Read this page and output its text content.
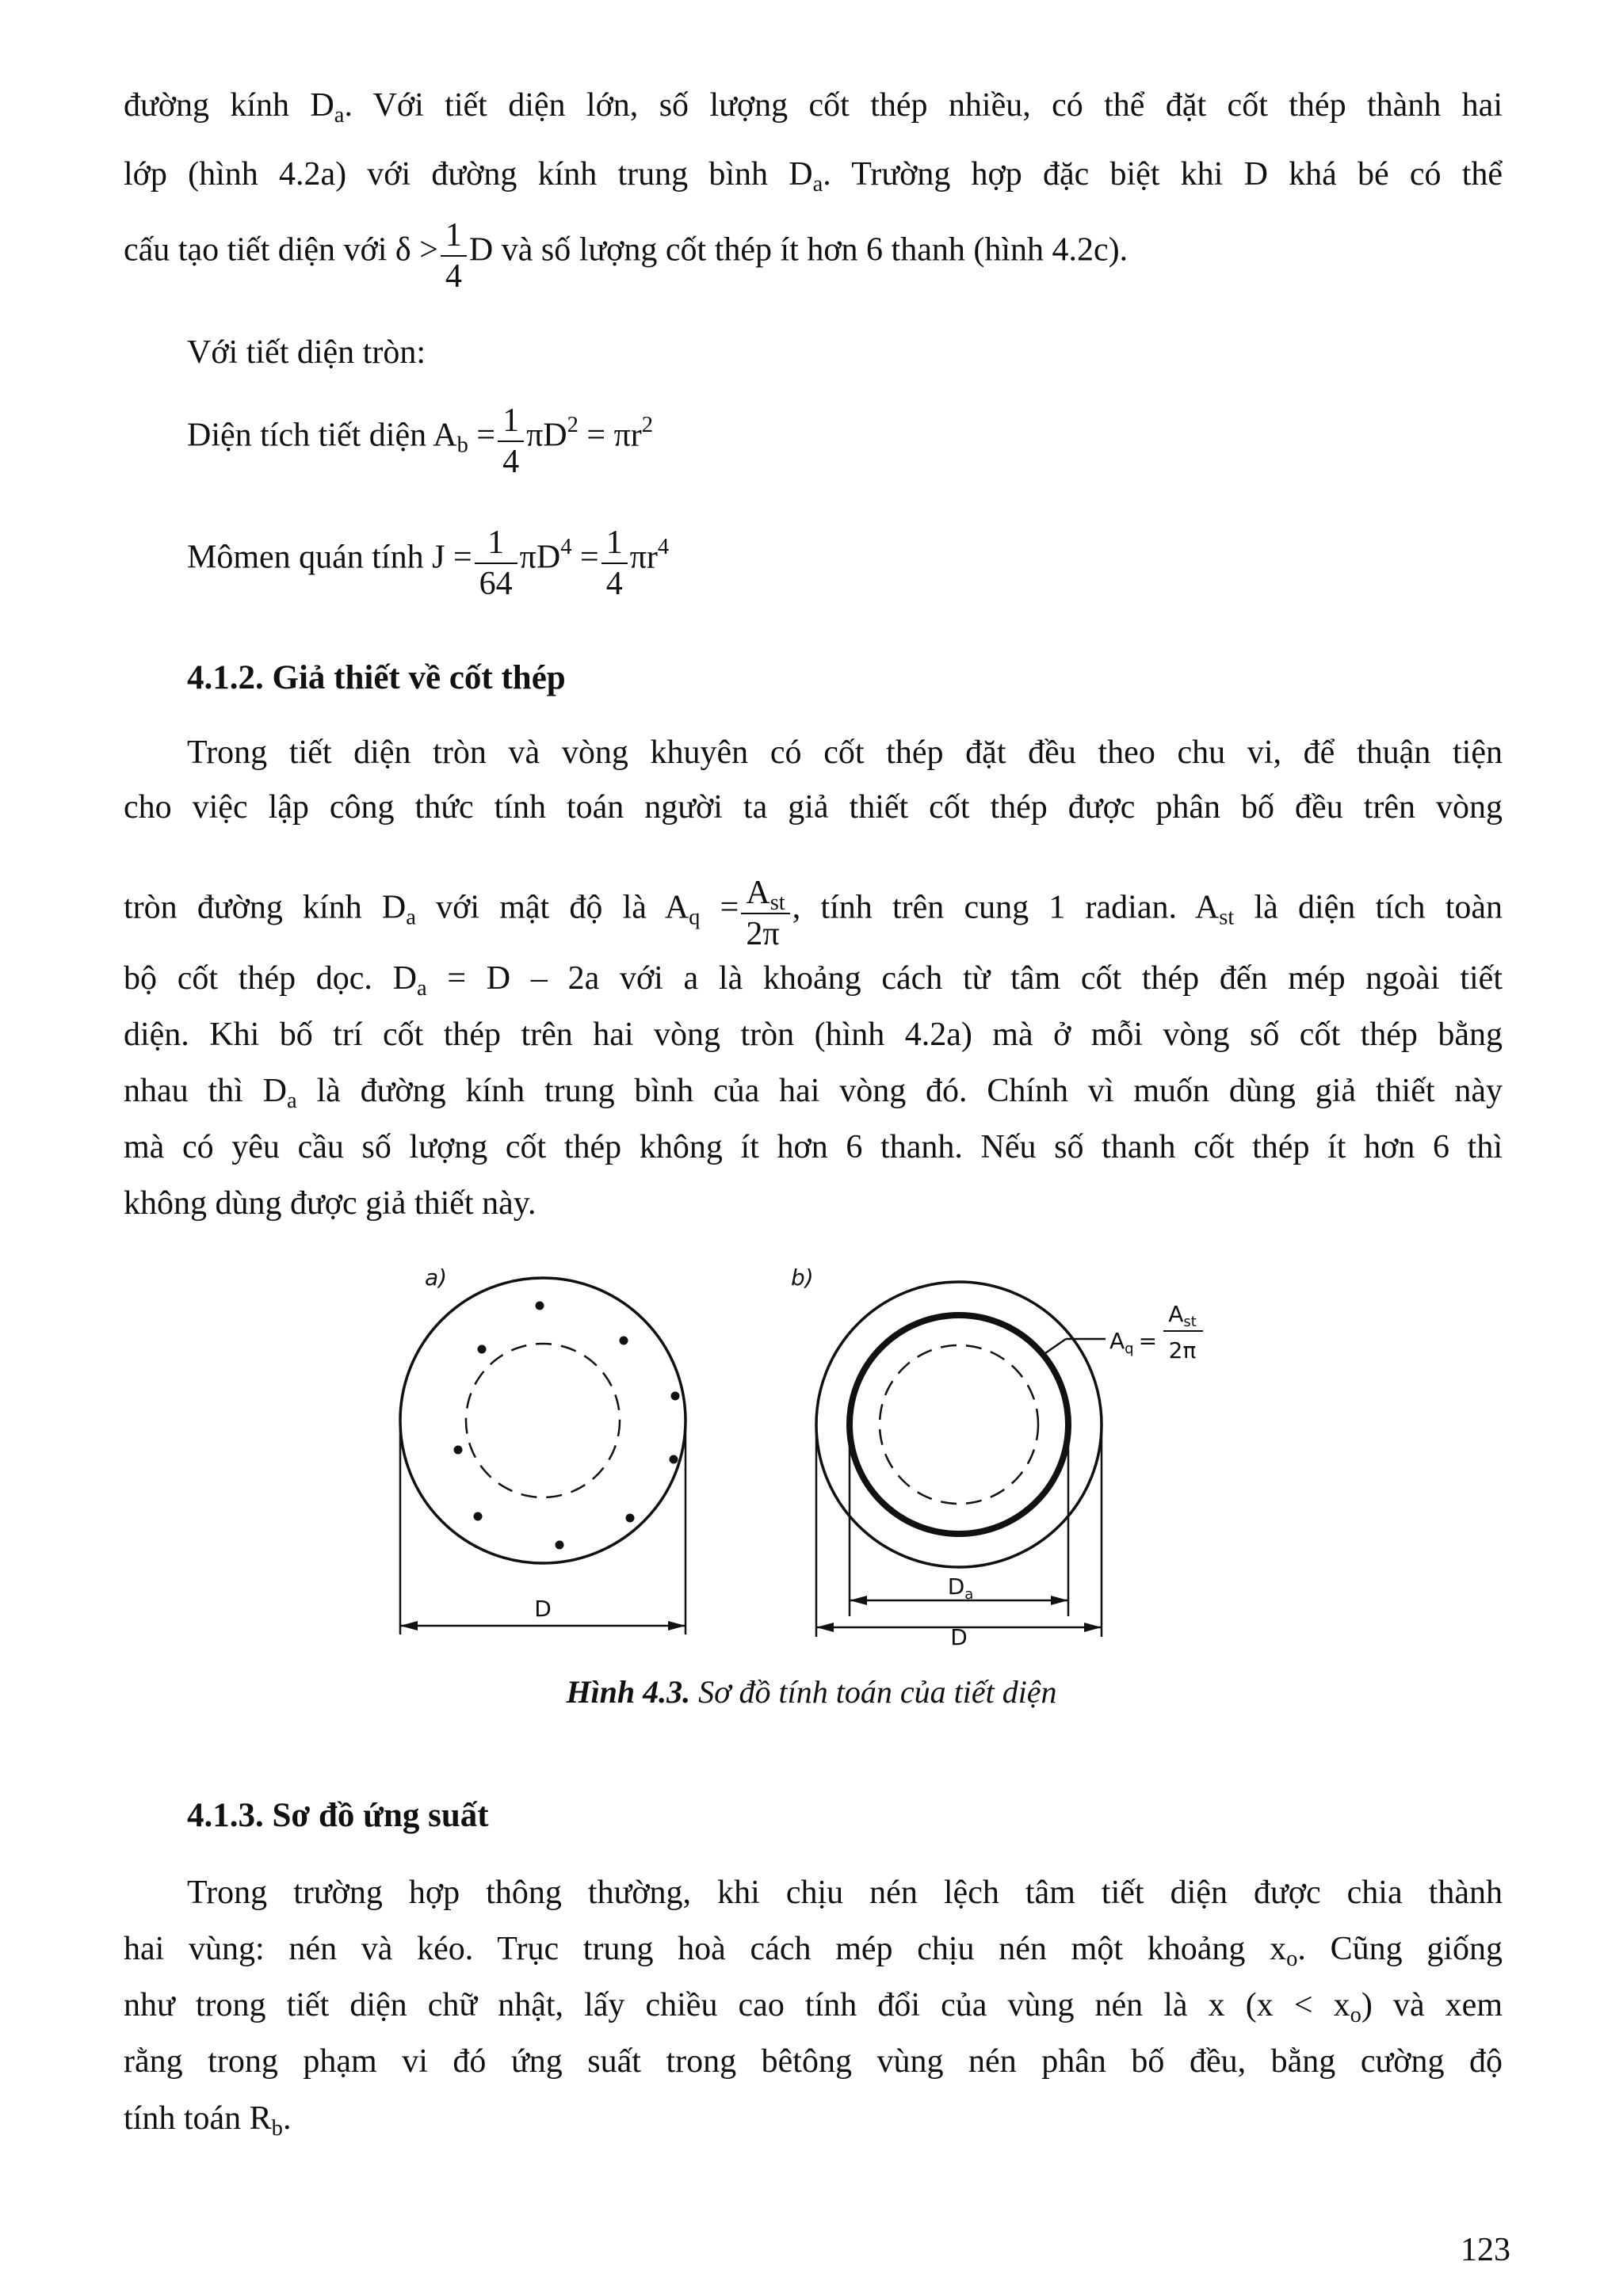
đường kính $D_a$. Với tiết diện lớn, số lượng cốt thép nhiều, có thể đặt cốt thép thành hai
lớp (hình 4.2a) với đường kính trung bình $D_a$. Trường hợp đặc biệt khi D khá bé có thể
cấu tạo tiết diện với $\delta > \frac{1}{4}$ D và số lượng cốt thép ít hơn 6 thanh (hình 4.2c).
Với tiết diện tròn:
Diện tích tiết diện $A_b = \frac{1}{4} \pi D^2 = \pi r^2$
Mômen quán tính $J = \frac{1}{64} \pi D^4 = \frac{1}{4} \pi r^4$
4.1.2. Giả thiết về cốt thép
Trong tiết diện tròn và vòng khuyên có cốt thép đặt đều theo chu vi, để thuận tiện
cho việc lập công thức tính toán người ta giả thiết cốt thép được phân bố đều trên vòng
tròn đường kính $D_a$ với mật độ là $A_q = \frac{A_{st}}{2\pi}$ , tính trên cung 1 radian. $A_{st}$ là diện tích toàn
bộ cốt thép dọc. $D_a = D - 2a$ với a là khoảng cách từ tâm cốt thép đến mép ngoài tiết
diện. Khi bố trí cốt thép trên hai vòng tròn (hình 4.2a) mà ở mỗi vòng số cốt thép bằng
nhau thì $D_a$ là đường kính trung bình của hai vòng đó. Chính vì muốn dùng giả thiết này
mà có yêu cầu số lượng cốt thép không ít hơn 6 thanh. Nếu số thanh cốt thép ít hơn 6 thì
không dùng được giả thiết này.
a)
D
b)
$A_q$ =
$A_{st}$
2π
$D_a$
D
Hình 4.3. Sơ đồ tính toán của tiết diện
4.1.3. Sơ đồ ứng suất
Trong trường hợp thông thường, khi chịu nén lệch tâm tiết diện được chia thành
hai vùng: nén và kéo. Trục trung hoà cách mép chịu nén một khoảng $x_o$. Cũng giống
như trong tiết diện chữ nhật, lấy chiều cao tính đổi của vùng nén là x $(x < x_o)$ và xem
rằng trong phạm vi đó ứng suất trong bêtông vùng nén phân bố đều, bằng cường độ
tính toán $R_b$.
123
